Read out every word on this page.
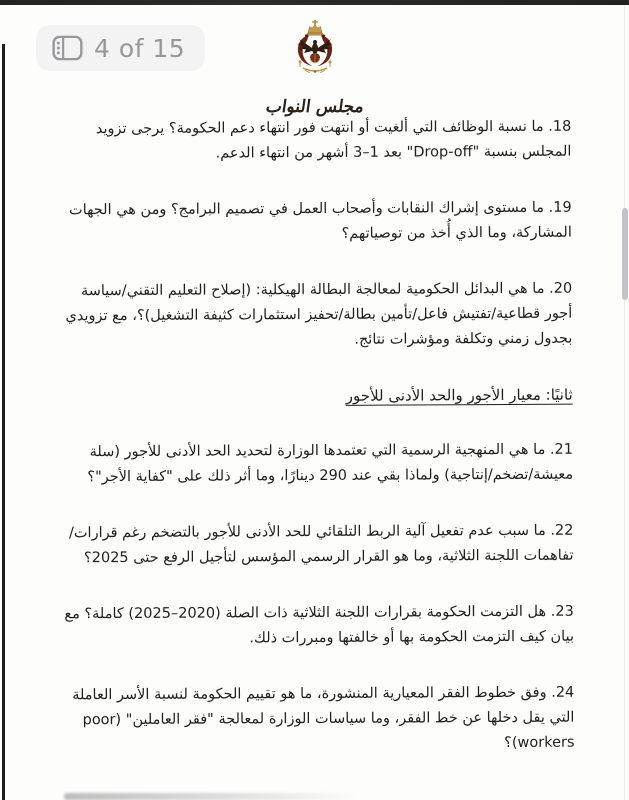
4 of 15
مجلس النواب

18. ما نسبة الوظائف التي ألغيت أو انتهت فور انتهاء دعم الحكومة؟ يرجى تزويد المجلس بنسبة "Drop-off" بعد 1–3 أشهر من انتهاء الدعم.

19. ما مستوى إشراك النقابات وأصحاب العمل في تصميم البرامج؟ ومن هي الجهات المشاركة، وما الذي أُخذ من توصياتهم؟

20. ما هي البدائل الحكومية لمعالجة البطالة الهيكلية: (إصلاح التعليم التقني/سياسة أجور قطاعية/تفتيش فاعل/تأمين بطالة/تحفيز استثمارات كثيفة التشغيل)؟، مع تزويدي بجدول زمني وتكلفة ومؤشرات نتائج.

ثانيًا: معيار الأجور والحد الأدنى للأجور

21. ما هي المنهجية الرسمية التي تعتمدها الوزارة لتحديد الحد الأدنى للأجور (سلة معيشة/تضخم/إنتاجية) ولماذا بقي عند 290 دينارًا، وما أثر ذلك على "كفاية الأجر"؟

22. ما سبب عدم تفعيل آلية الربط التلقائي للحد الأدنى للأجور بالتضخم رغم قرارات/تفاهمات اللجنة الثلاثية، وما هو القرار الرسمي المؤسس لتأجيل الرفع حتى 2025؟

23. هل التزمت الحكومة بقرارات اللجنة الثلاثية ذات الصلة (2020–2025) كاملة؟ مع بيان كيف التزمت الحكومة بها أو خالفتها ومبررات ذلك.

24. وفق خطوط الفقر المعيارية المنشورة، ما هو تقييم الحكومة لنسبة الأسر العاملة التي يقل دخلها عن خط الفقر، وما سياسات الوزارة لمعالجة "فقر العاملين" (poor workers)؟
